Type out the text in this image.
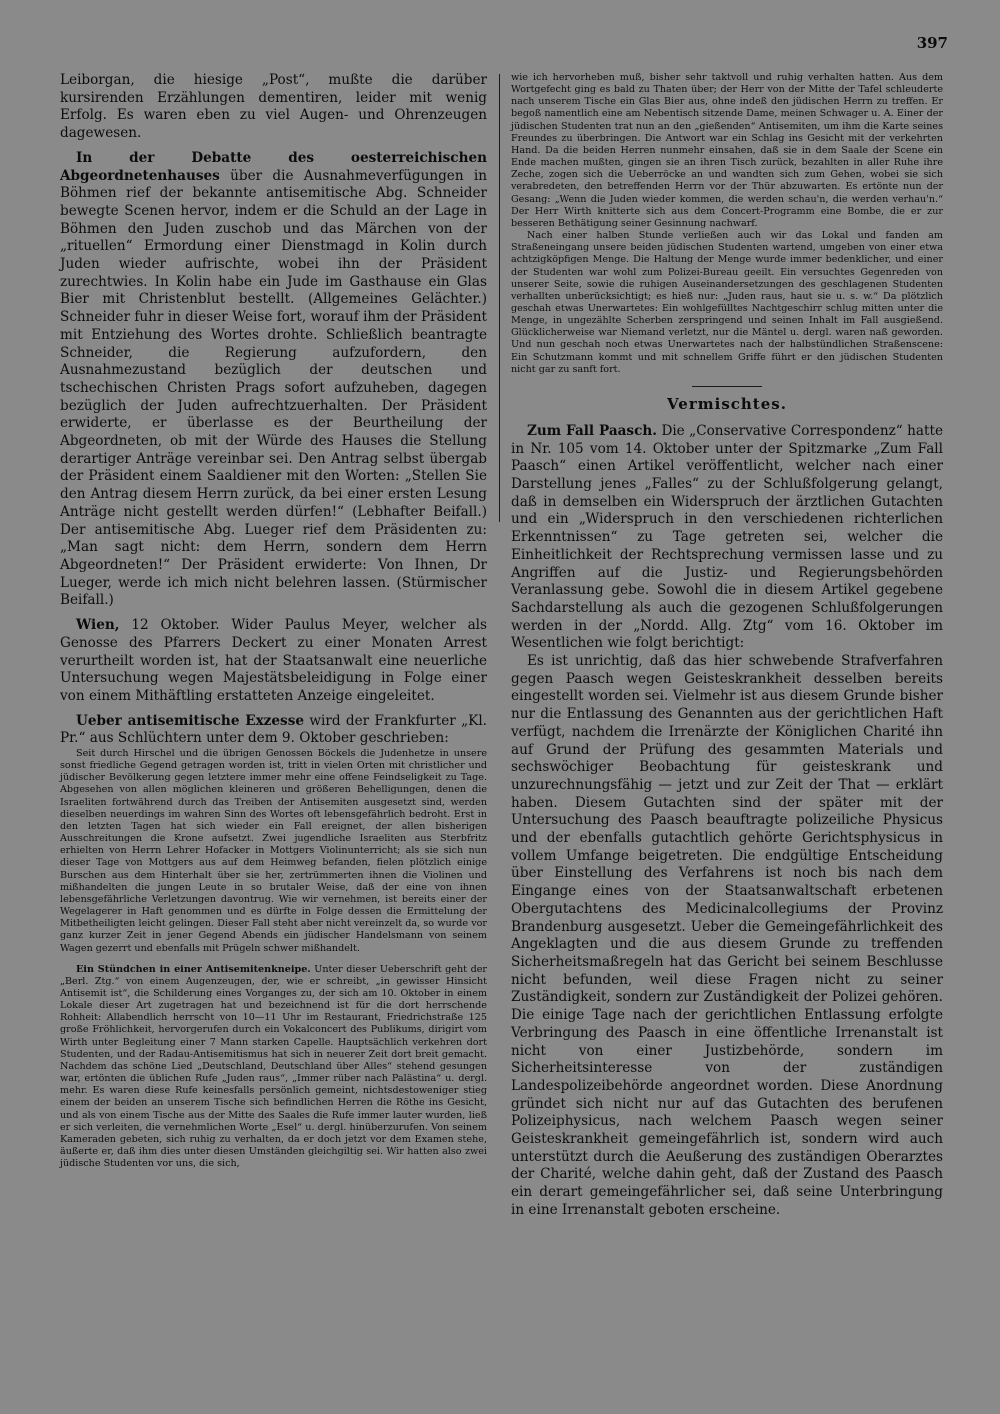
397

Leiborgan, die hiesige „Post“, mußte die darüber kursirenden Erzählungen dementiren, leider mit wenig Erfolg. Es waren eben zu viel Augen- und Ohrenzeugen dagewesen.

In der Debatte des oesterreichischen Abgeordnetenhauses über die Ausnahmeverfügungen in Böhmen rief der bekannte antisemitische Abg. Schneider bewegte Scenen hervor, indem er die Schuld an der Lage in Böhmen den Juden zuschob und das Märchen von der „rituellen“ Ermordung einer Dienstmagd in Kolin durch Juden wieder aufrischte, wobei ihn der Präsident zurechtwies. In Kolin habe ein Jude im Gasthause ein Glas Bier mit Christenblut bestellt. (Allgemeines Gelächter.) Schneider fuhr in dieser Weise fort, worauf ihm der Präsident mit Entziehung des Wortes drohte. Schließlich beantragte Schneider, die Regierung aufzufordern, den Ausnahmezustand bezüglich der deutschen und tschechischen Christen Prags sofort aufzuheben, dagegen bezüglich der Juden aufrechtzuerhalten. Der Präsident erwiderte, er überlasse es der Beurtheilung der Abgeordneten, ob mit der Würde des Hauses die Stellung derartiger Anträge vereinbar sei. Den Antrag selbst übergab der Präsident einem Saaldiener mit den Worten: „Stellen Sie den Antrag diesem Herrn zurück, da bei einer ersten Lesung Anträge nicht gestellt werden dürfen!“ (Lebhafter Beifall.) Der antisemitische Abg. Lueger rief dem Präsidenten zu: „Man sagt nicht: dem Herrn, sondern dem Herrn Abgeordneten!“ Der Präsident erwiderte: Von Ihnen, Dr Lueger, werde ich mich nicht belehren lassen. (Stürmischer Beifall.)

Wien, 12 Oktober. Wider Paulus Meyer, welcher als Genosse des Pfarrers Deckert zu einer Monaten Arrest verurtheilt worden ist, hat der Staatsanwalt eine neuerliche Untersuchung wegen Majestätsbeleidigung in Folge einer von einem Mithäftling erstatteten Anzeige eingeleitet.

Ueber antisemitische Exzesse wird der Frankfurter „Kl. Pr.“ aus Schlüchtern unter dem 9. Oktober geschrieben:

Seit durch Hirschel und die übrigen Genossen Böckels die Judenhetze in unsere sonst friedliche Gegend getragen worden ist, tritt in vielen Orten mit christlicher und jüdischer Bevölkerung gegen letztere immer mehr eine offene Feindseligkeit zu Tage. Abgesehen von allen möglichen kleineren und größeren Behelligungen, denen die Israeliten fortwährend durch das Treiben der Antisemiten ausgesetzt sind, werden dieselben neuerdings im wahren Sinn des Wortes oft lebensgefährlich bedroht. Erst in den letzten Tagen hat sich wieder ein Fall ereignet, der allen bisherigen Ausschreitungen die Krone aufsetzt. Zwei jugendliche Israeliten aus Sterbfritz erhielten von Herrn Lehrer Hofacker in Mottgers Violinunterricht; als sie sich nun dieser Tage von Mottgers aus auf dem Heimweg befanden, fielen plötzlich einige Burschen aus dem Hinterhalt über sie her, zertrümmerten ihnen die Violinen und mißhandelten die jungen Leute in so brutaler Weise, daß der eine von ihnen lebensgefährliche Verletzungen davontrug. Wie wir vernehmen, ist bereits einer der Wegelagerer in Haft genommen und es dürfte in Folge dessen die Ermittelung der Mitbetheiligten leicht gelingen. Dieser Fall steht aber nicht vereinzelt da, so wurde vor ganz kurzer Zeit in jener Gegend Abends ein jüdischer Handelsmann von seinem Wagen gezerrt und ebenfalls mit Prügeln schwer mißhandelt.

Ein Stündchen in einer Antisemitenkneipe. Unter dieser Ueberschrift geht der „Berl. Ztg.“ von einem Augenzeugen, der, wie er schreibt, „in gewisser Hinsicht Antisemit ist“, die Schilderung eines Vorganges zu, der sich am 10. Oktober in einem Lokale dieser Art zugetragen hat und bezeichnend ist für die dort herrschende Rohheit: Allabendlich herrscht von 10—11 Uhr im Restaurant, Friedrichstraße 125 große Fröhlichkeit, hervorgerufen durch ein Vokalconcert des Publikums, dirigirt vom Wirth unter Begleitung einer 7 Mann starken Capelle. Hauptsächlich verkehren dort Studenten, und der Radau-Antisemitismus hat sich in neuerer Zeit dort breit gemacht. Nachdem das schöne Lied „Deutschland, Deutschland über Alles“ stehend gesungen war, ertönten die üblichen Rufe „Juden raus“, „Immer rüber nach Palästina“ u. dergl. mehr. Es waren diese Rufe keinesfalls persönlich gemeint, nichtsdestoweniger stieg einem der beiden an unserem Tische sich befindlichen Herren die Röthe ins Gesicht, und als von einem Tische aus der Mitte des Saales die Rufe immer lauter wurden, ließ er sich verleiten, die vernehmlichen Worte „Esel“ u. dergl. hinüberzurufen. Von seinem Kameraden gebeten, sich ruhig zu verhalten, da er doch jetzt vor dem Examen stehe, äußerte er, daß ihm dies unter diesen Umständen gleichgiltig sei. Wir hatten also zwei jüdische Studenten vor uns, die sich,

wie ich hervorheben muß, bisher sehr taktvoll und ruhig verhalten hatten. Aus dem Wortgefecht ging es bald zu Thaten über; der Herr von der Mitte der Tafel schleuderte nach unserem Tische ein Glas Bier aus, ohne indeß den jüdischen Herrn zu treffen. Er begoß namentlich eine am Nebentisch sitzende Dame, meinen Schwager u. A. Einer der jüdischen Studenten trat nun an den „gießenden“ Antisemiten, um ihm die Karte seines Freundes zu überbringen. Die Antwort war ein Schlag ins Gesicht mit der verkehrten Hand. Da die beiden Herren nunmehr einsahen, daß sie in dem Saale der Scene ein Ende machen mußten, gingen sie an ihren Tisch zurück, bezahlten in aller Ruhe ihre Zeche, zogen sich die Ueberröcke an und wandten sich zum Gehen, wobei sie sich verabredeten, den betreffenden Herrn vor der Thür abzuwarten. Es ertönte nun der Gesang: „Wenn die Juden wieder kommen, die werden schau'n, die werden verhau'n.“ Der Herr Wirth knitterte sich aus dem Concert-Programm eine Bombe, die er zur besseren Bethätigung seiner Gesinnung nachwarf.

Nach einer halben Stunde verließen auch wir das Lokal und fanden am Straßeneingang unsere beiden jüdischen Studenten wartend, umgeben von einer etwa achtzigköpfigen Menge. Die Haltung der Menge wurde immer bedenklicher, und einer der Studenten war wohl zum Polizei-Bureau geeilt. Ein versuchtes Gegenreden von unserer Seite, sowie die ruhigen Auseinandersetzungen des geschlagenen Studenten verhallten unberücksichtigt; es hieß nur: „Juden raus, haut sie u. s. w.“ Da plötzlich geschah etwas Unerwartetes: Ein wohlgefülltes Nachtgeschirr schlug mitten unter die Menge, in ungezählte Scherben zerspringend und seinen Inhalt im Fall ausgießend. Glücklicherweise war Niemand verletzt, nur die Mäntel u. dergl. waren naß geworden. Und nun geschah noch etwas Unerwartetes nach der halbstündlichen Straßenscene: Ein Schutzmann kommt und mit schnellem Griffe führt er den jüdischen Studenten nicht gar zu sanft fort.

Vermischtes.

Zum Fall Paasch. Die „Conservative Correspondenz“ hatte in Nr. 105 vom 14. Oktober unter der Spitzmarke „Zum Fall Paasch“ einen Artikel veröffentlicht, welcher nach einer Darstellung jenes „Falles“ zu der Schlußfolgerung gelangt, daß in demselben ein Widerspruch der ärztlichen Gutachten und ein „Widerspruch in den verschiedenen richterlichen Erkenntnissen“ zu Tage getreten sei, welcher die Einheitlichkeit der Rechtsprechung vermissen lasse und zu Angriffen auf die Justiz- und Regierungsbehörden Veranlassung gebe. Sowohl die in diesem Artikel gegebene Sachdarstellung als auch die gezogenen Schlußfolgerungen werden in der „Nordd. Allg. Ztg“ vom 16. Oktober im Wesentlichen wie folgt berichtigt:

Es ist unrichtig, daß das hier schwebende Strafverfahren gegen Paasch wegen Geisteskrankheit desselben bereits eingestellt worden sei. Vielmehr ist aus diesem Grunde bisher nur die Entlassung des Genannten aus der gerichtlichen Haft verfügt, nachdem die Irrenärzte der Königlichen Charité ihn auf Grund der Prüfung des gesammten Materials und sechswöchiger Beobachtung für geisteskrank und unzurechnungsfähig — jetzt und zur Zeit der That — erklärt haben. Diesem Gutachten sind der später mit der Untersuchung des Paasch beauftragte polizeiliche Physicus und der ebenfalls gutachtlich gehörte Gerichtsphysicus in vollem Umfange beigetreten. Die endgültige Entscheidung über Einstellung des Verfahrens ist noch bis nach dem Eingange eines von der Staatsanwaltschaft erbetenen Obergutachtens des Medicinalcollegiums der Provinz Brandenburg ausgesetzt. Ueber die Gemeingefährlichkeit des Angeklagten und die aus diesem Grunde zu treffenden Sicherheitsmaßregeln hat das Gericht bei seinem Beschlusse nicht befunden, weil diese Fragen nicht zu seiner Zuständigkeit, sondern zur Zuständigkeit der Polizei gehören. Die einige Tage nach der gerichtlichen Entlassung erfolgte Verbringung des Paasch in eine öffentliche Irrenanstalt ist nicht von einer Justizbehörde, sondern im Sicherheitsinteresse von der zuständigen Landespolizeibehörde angeordnet worden. Diese Anordnung gründet sich nicht nur auf das Gutachten des berufenen Polizeiphysicus, nach welchem Paasch wegen seiner Geisteskrankheit gemeingefährlich ist, sondern wird auch unterstützt durch die Aeußerung des zuständigen Oberarztes der Charité, welche dahin geht, daß der Zustand des Paasch ein derart gemeingefährlicher sei, daß seine Unterbringung in eine Irrenanstalt geboten erscheine.
